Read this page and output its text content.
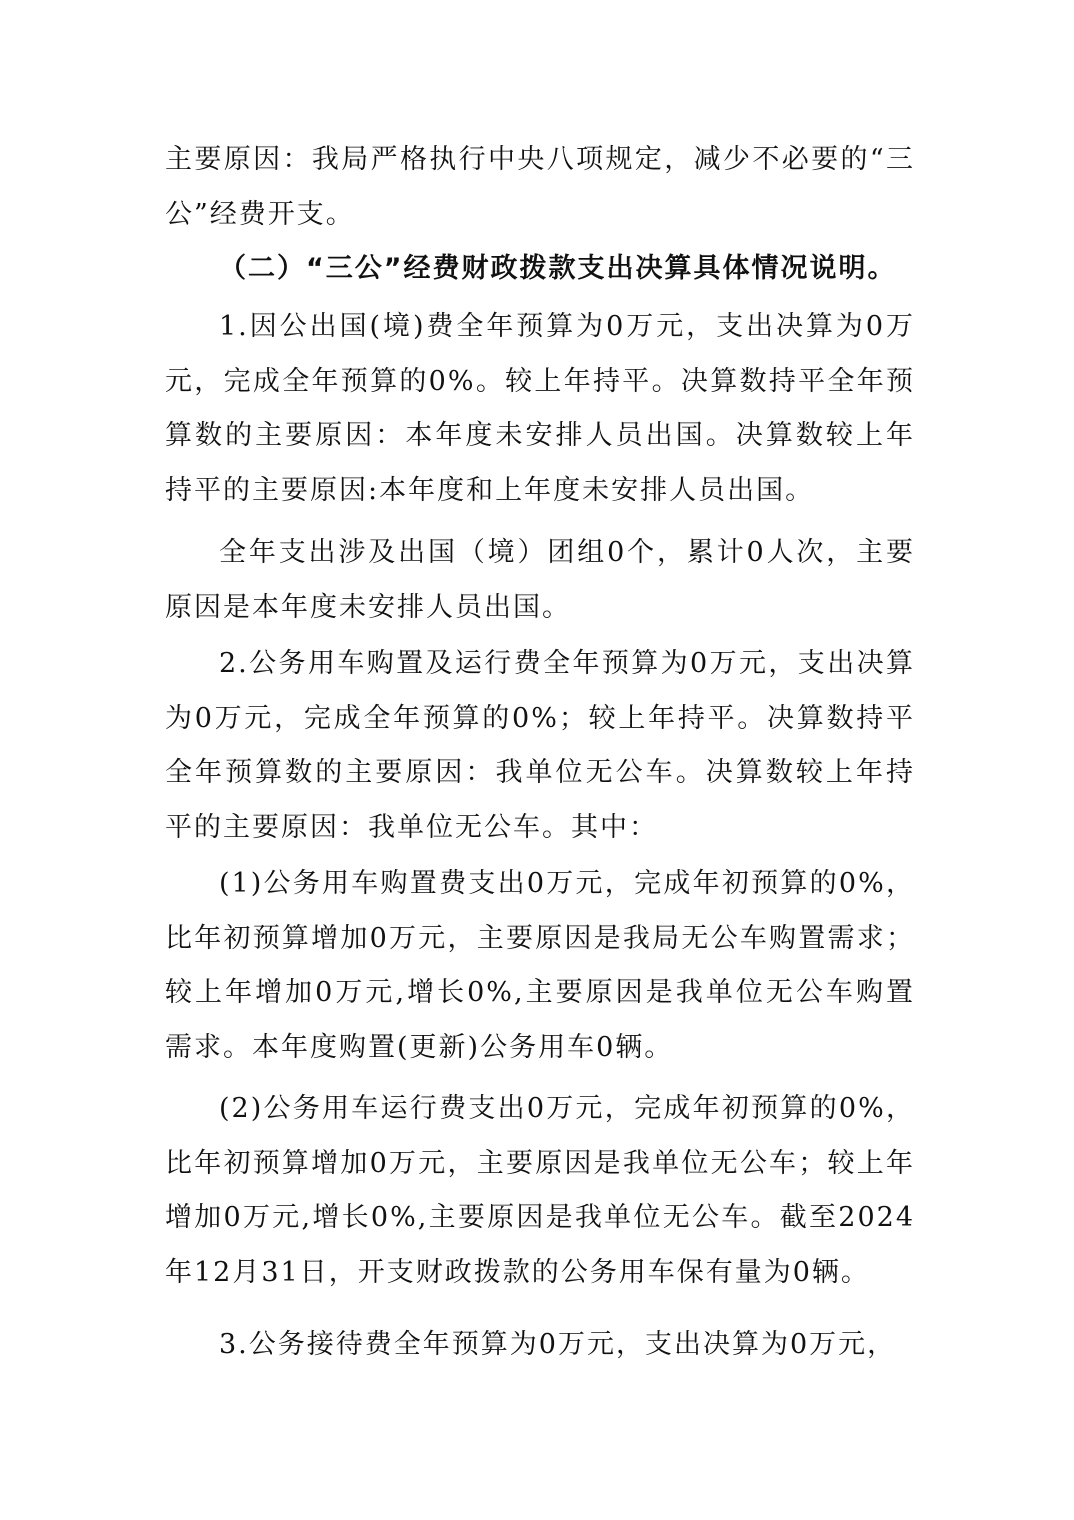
主要原因：我局严格执行中央八项规定，减少不必要的“三公”经费开支。

（二）“三公”经费财政拨款支出决算具体情况说明。

1.因公出国(境)费全年预算为0万元，支出决算为0万元，完成全年预算的0%。较上年持平。决算数持平全年预算数的主要原因：本年度未安排人员出国。决算数较上年持平的主要原因:本年度和上年度未安排人员出国。

全年支出涉及出国（境）团组0个，累计0人次，主要原因是本年度未安排人员出国。

2.公务用车购置及运行费全年预算为0万元，支出决算为0万元，完成全年预算的0%；较上年持平。决算数持平全年预算数的主要原因：我单位无公车。决算数较上年持平的主要原因：我单位无公车。其中：

(1)公务用车购置费支出0万元，完成年初预算的0%，比年初预算增加0万元，主要原因是我局无公车购置需求；较上年增加0万元,增长0%,主要原因是我单位无公车购置需求。本年度购置(更新)公务用车0辆。

(2)公务用车运行费支出0万元，完成年初预算的0%，比年初预算增加0万元，主要原因是我单位无公车；较上年增加0万元,增长0%,主要原因是我单位无公车。截至2024年12月31日，开支财政拨款的公务用车保有量为0辆。

3.公务接待费全年预算为0万元，支出决算为0万元，
